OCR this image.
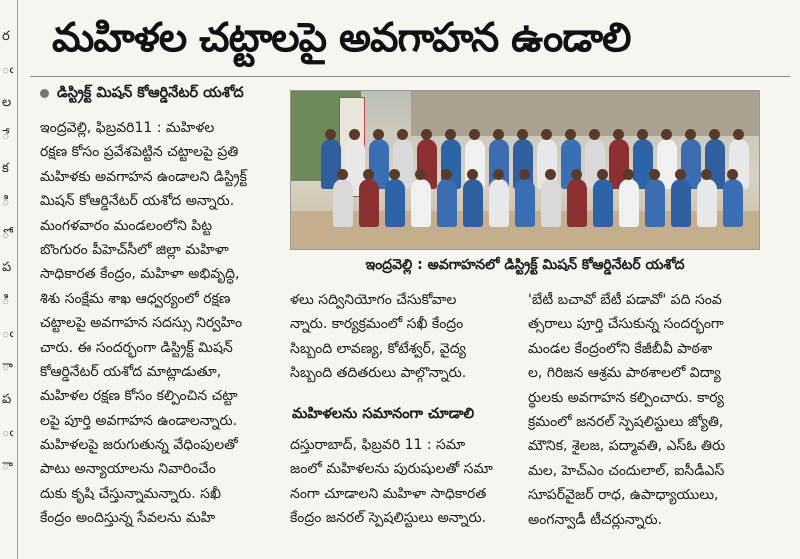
ర
ఁ
ల
ే
క
ి
ో
ప
ి
ఁ
ా
ప
ఁ
ా
మహిళల చట్టాలపై అవగాహన ఉండాలి
డిస్ట్రిక్ట్ మిషన్ కోఆర్డినేటర్ యశోద
ఇంద్రవెల్లి, ఫిబ్రవరి11 : మహిళల
రక్షణ కోసం ప్రవేశపెట్టిన చట్టాలపై ప్రతి
మహిళకు అవగాహన ఉండాలని డిస్ట్రిక్ట్
మిషన్ కోఆర్డినేటర్ యశోద అన్నారు.
మంగళవారం మండలంలోని పిట్ట
బొంగురం పీహెచ్‌సీలో జిల్లా మహిళా
సాధికారత కేంద్రం, మహిళా అభివృద్ధి,
శిశు సంక్షేమ శాఖ ఆధ్వర్యంలో రక్షణ
చట్టాలపై అవగాహన సదస్సు నిర్వహిం
చారు. ఈ సందర్భంగా డిస్ట్రిక్ట్ మిషన్
కోఆర్డినేటర్ యశోద మాట్లాడుతూ,
మహిళల రక్షణ కోసం కల్పించిన చట్టా
లపై పూర్తి అవగాహన ఉండాలన్నారు.
మహిళలపై జరుగుతున్న వేధింపులతో
పాటు అన్యాయాలను నివారించేం
దుకు కృషి చేస్తున్నామన్నారు. సఖీ
కేంద్రం అందిస్తున్న సేవలను మహి
ఇంద్రవెల్లి : అవగాహనలో డిస్ట్రిక్ట్ మిషన్ కోఆర్డినేటర్ యశోద
ళలు సద్వినియోగం చేసుకోవాల
న్నారు. కార్యక్రమంలో సఖీ కేంద్రం
సిబ్బంది లావణ్య, కోటేశ్వర్, వైద్య
సిబ్బంది తదితరులు పాల్గొన్నారు.
మహిళలను సమానంగా చూడాలి
దస్తురాబాద్, ఫిబ్రవరి 11 : సమా
జంలో మహిళలను పురుషులతో సమా
నంగా చూడాలని మహిళా సాధికారత
కేంద్రం జనరల్ స్పెషలిస్టులు అన్నారు.
'బేటీ బచావో బేటీ పడావో' పది సంవ
త్సరాలు పూర్తి చేసుకున్న సందర్భంగా
మండల కేంద్రంలోని కేజీబీవీ పాఠశా
ల, గిరిజన ఆశ్రమ పాఠశాలలో విద్యా
ర్థులకు అవగాహన కల్పించారు. కార్య
క్రమంలో జనరల్ స్పెషలిస్టులు జ్యోతి,
మౌనిక, శైలజ, పద్మావతి, ఎస్‌ఓ తిరు
మల, హెచ్‌ఎం చందులాల్, ఐసీడీఎస్
సూపర్‌వైజర్ రాధ, ఉపాధ్యాయులు,
అంగన్వాడీ టీచర్లున్నారు.
